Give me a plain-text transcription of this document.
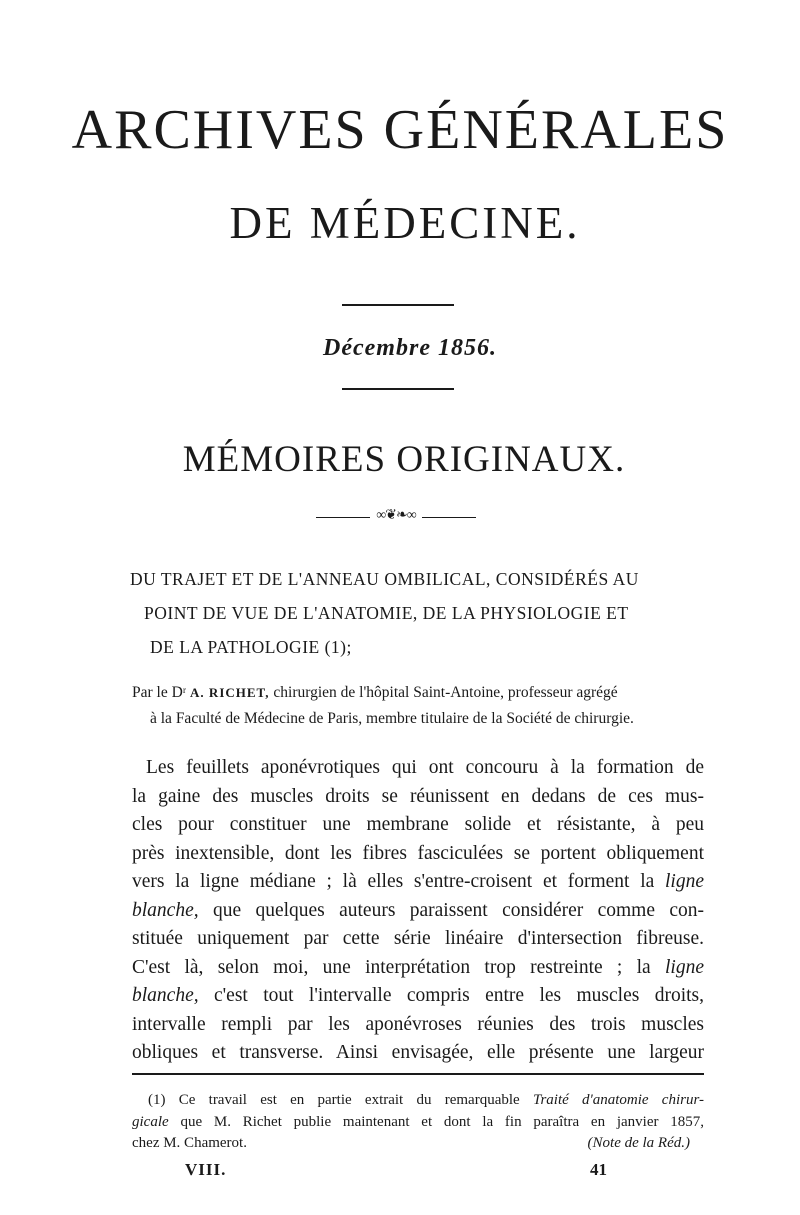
ARCHIVES GÉNÉRALES
DE MÉDECINE.
Décembre 1856.
MÉMOIRES ORIGINAUX.
∞❦❧∞
DU TRAJET ET DE L'ANNEAU OMBILICAL, CONSIDÉRÉS AU
POINT DE VUE DE L'ANATOMIE, DE LA PHYSIOLOGIE ET
DE LA PATHOLOGIE (1);
Par le Dʳ A. RICHET, chirurgien de l'hôpital Saint-Antoine, professeur agrégé
à la Faculté de Médecine de Paris, membre titulaire de la Société de chirurgie.
Les feuillets aponévrotiques qui ont concouru à la formation de
la gaine des muscles droits se réunissent en dedans de ces mus-
cles pour constituer une membrane solide et résistante, à peu
près inextensible, dont les fibres fasciculées se portent obliquement
vers la ligne médiane ; là elles s'entre-croisent et forment la ligne
blanche, que quelques auteurs paraissent considérer comme con-
stituée uniquement par cette série linéaire d'intersection fibreuse.
C'est là, selon moi, une interprétation trop restreinte ; la ligne
blanche, c'est tout l'intervalle compris entre les muscles droits,
intervalle rempli par les aponévroses réunies des trois muscles
obliques et transverse. Ainsi envisagée, elle présente une largeur
(1) Ce travail est en partie extrait du remarquable Traité d'anatomie chirur-
gicale que M. Richet publie maintenant et dont la fin paraîtra en janvier 1857,
chez M. Chamerot.	(Note de la Réd.)
VIII.	41
